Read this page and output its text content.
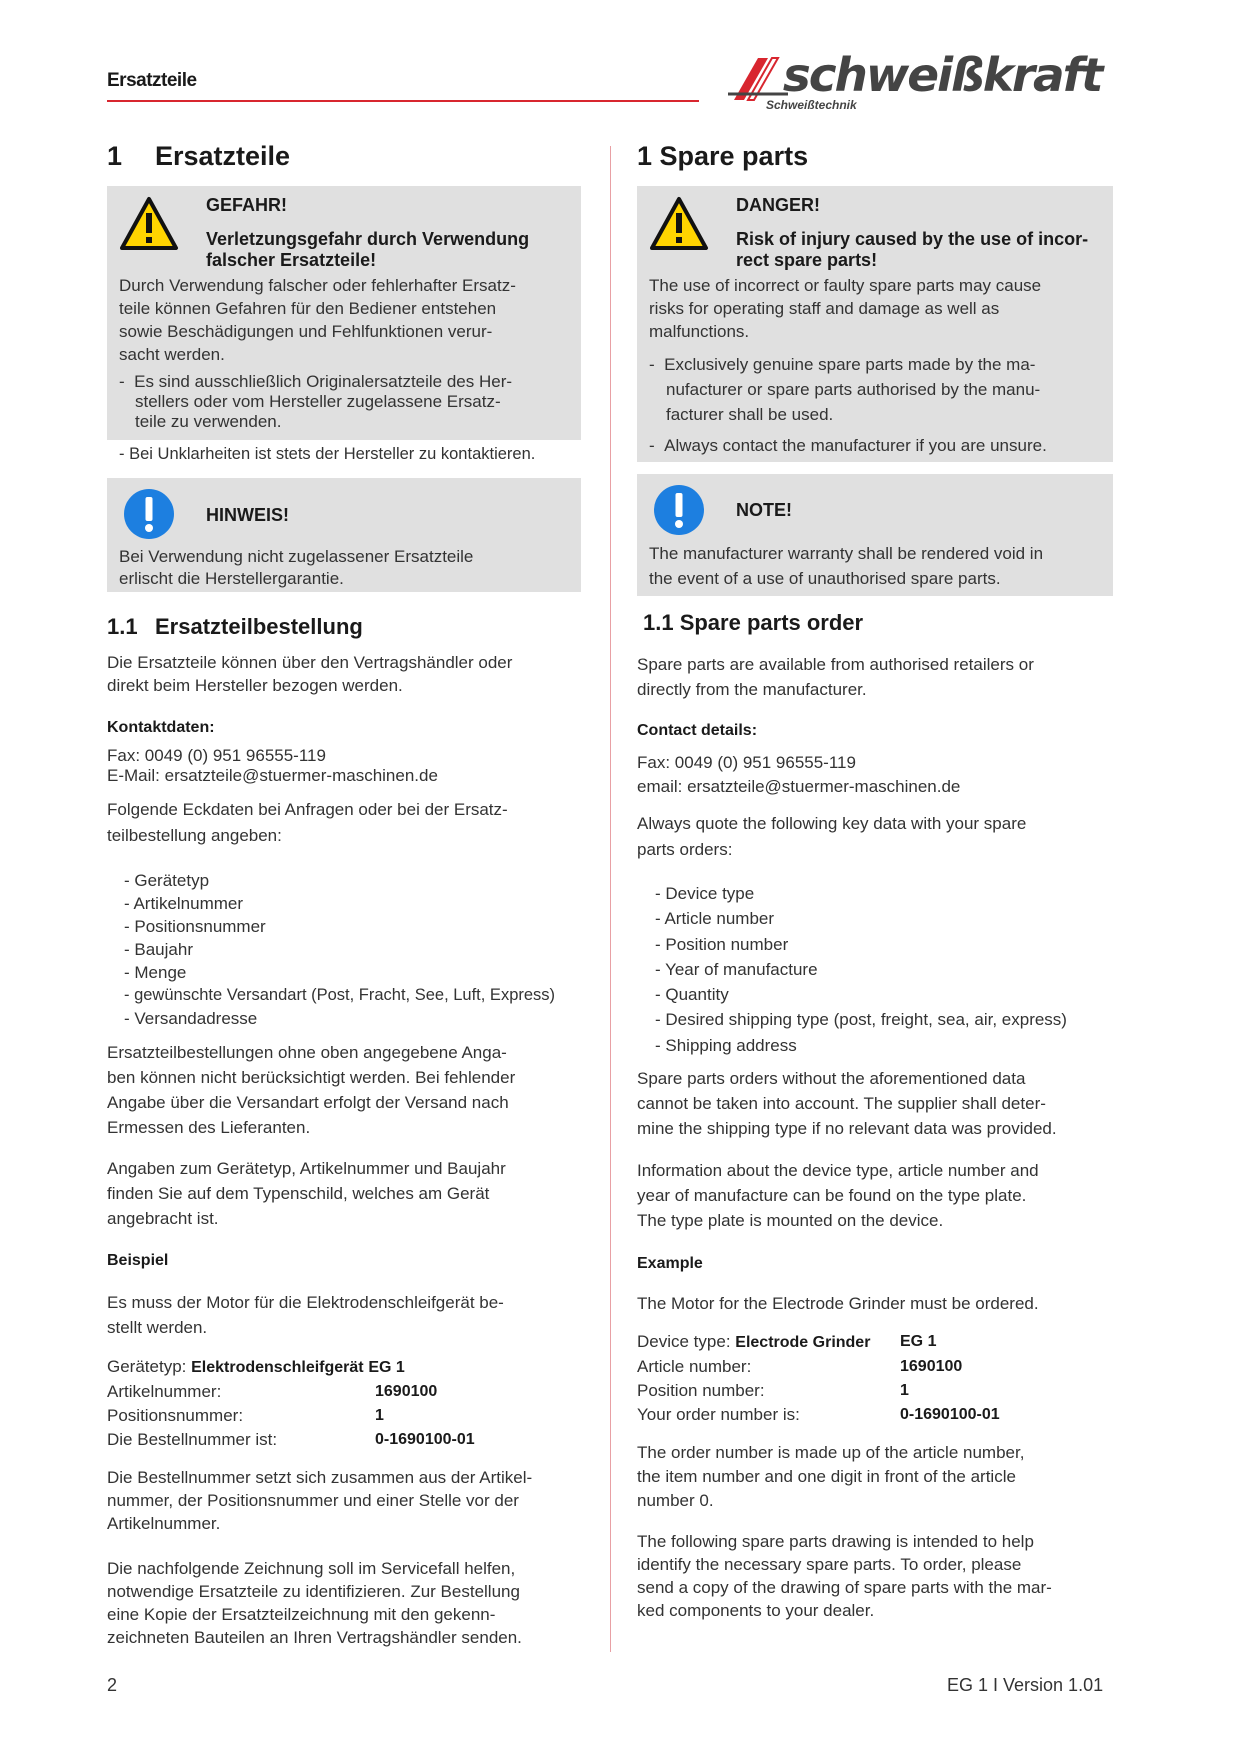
Ersatzteile	schweißkraft
Schweißtechnik
1 Ersatzteile
GEFAHR!
Verletzungsgefahr durch Verwendung
falscher Ersatzteile!
Durch Verwendung falscher oder fehlerhafter Ersatz-
teile können Gefahren für den Bediener entstehen
sowie Beschädigungen und Fehlfunktionen verur-
sacht werden.
-  Es sind ausschließlich Originalersatzteile des Her-
stellers oder vom Hersteller zugelassene Ersatz-
teile zu verwenden.
- Bei Unklarheiten ist stets der Hersteller zu kontaktieren.
HINWEIS!
Bei Verwendung nicht zugelassener Ersatzteile
erlischt die Herstellergarantie.
1.1 Ersatzteilbestellung
Die Ersatzteile können über den Vertragshändler oder
direkt beim Hersteller bezogen werden.
Kontaktdaten:
Fax: 0049 (0) 951 96555-119
E-Mail: ersatzteile@stuermer-maschinen.de
Folgende Eckdaten bei Anfragen oder bei der Ersatz-
teilbestellung angeben:
- Gerätetyp
- Artikelnummer
- Positionsnummer
- Baujahr
- Menge
- gewünschte Versandart (Post, Fracht, See, Luft, Express)
- Versandadresse
Ersatzteilbestellungen ohne oben angegebene Anga-
ben können nicht berücksichtigt werden. Bei fehlender
Angabe über die Versandart erfolgt der Versand nach
Ermessen des Lieferanten.
Angaben zum Gerätetyp, Artikelnummer und Baujahr
finden Sie auf dem Typenschild, welches am Gerät
angebracht ist.
Beispiel
Es muss der Motor für die Elektrodenschleifgerät be-
stellt werden.
Gerätetyp: Elektrodenschleifgerät EG 1
Artikelnummer:	1690100
Positionsnummer:	1
Die Bestellnummer ist:	0-1690100-01
Die Bestellnummer setzt sich zusammen aus der Artikel-
nummer, der Positionsnummer und einer Stelle vor der
Artikelnummer.
Die nachfolgende Zeichnung soll im Servicefall helfen,
notwendige Ersatzteile zu identifizieren. Zur Bestellung
eine Kopie der Ersatzteilzeichnung mit den gekenn-
zeichneten Bauteilen an Ihren Vertragshändler senden.
1 Spare parts
DANGER!
Risk of injury caused by the use of incor-
rect spare parts!
The use of incorrect or faulty spare parts may cause
risks for operating staff and damage as well as
malfunctions.
-  Exclusively genuine spare parts made by the ma-
nufacturer or spare parts authorised by the manu-
facturer shall be used.
-  Always contact the manufacturer if you are unsure.
NOTE!
The manufacturer warranty shall be rendered void in
the event of a use of unauthorised spare parts.
1.1 Spare parts order
Spare parts are available from authorised retailers or
directly from the manufacturer.
Contact details:
Fax: 0049 (0) 951 96555-119
email: ersatzteile@stuermer-maschinen.de
Always quote the following key data with your spare
parts orders:
- Device type
- Article number
- Position number
- Year of manufacture
- Quantity
- Desired shipping type (post, freight, sea, air, express)
- Shipping address
Spare parts orders without the aforementioned data
cannot be taken into account. The supplier shall deter-
mine the shipping type if no relevant data was provided.
Information about the device type, article number and
year of manufacture can be found on the type plate.
The type plate is mounted on the device.
Example
The Motor for the Electrode Grinder must be ordered.
Device type: Electrode Grinder EG 1
Article number:	1690100
Position number:	1
Your order number is:	0-1690100-01
The order number is made up of the article number,
the item number and one digit in front of the article
number 0.
The following spare parts drawing is intended to help
identify the necessary spare parts. To order, please
send a copy of the drawing of spare parts with the mar-
ked components to your dealer.
2	EG 1 I Version 1.01
